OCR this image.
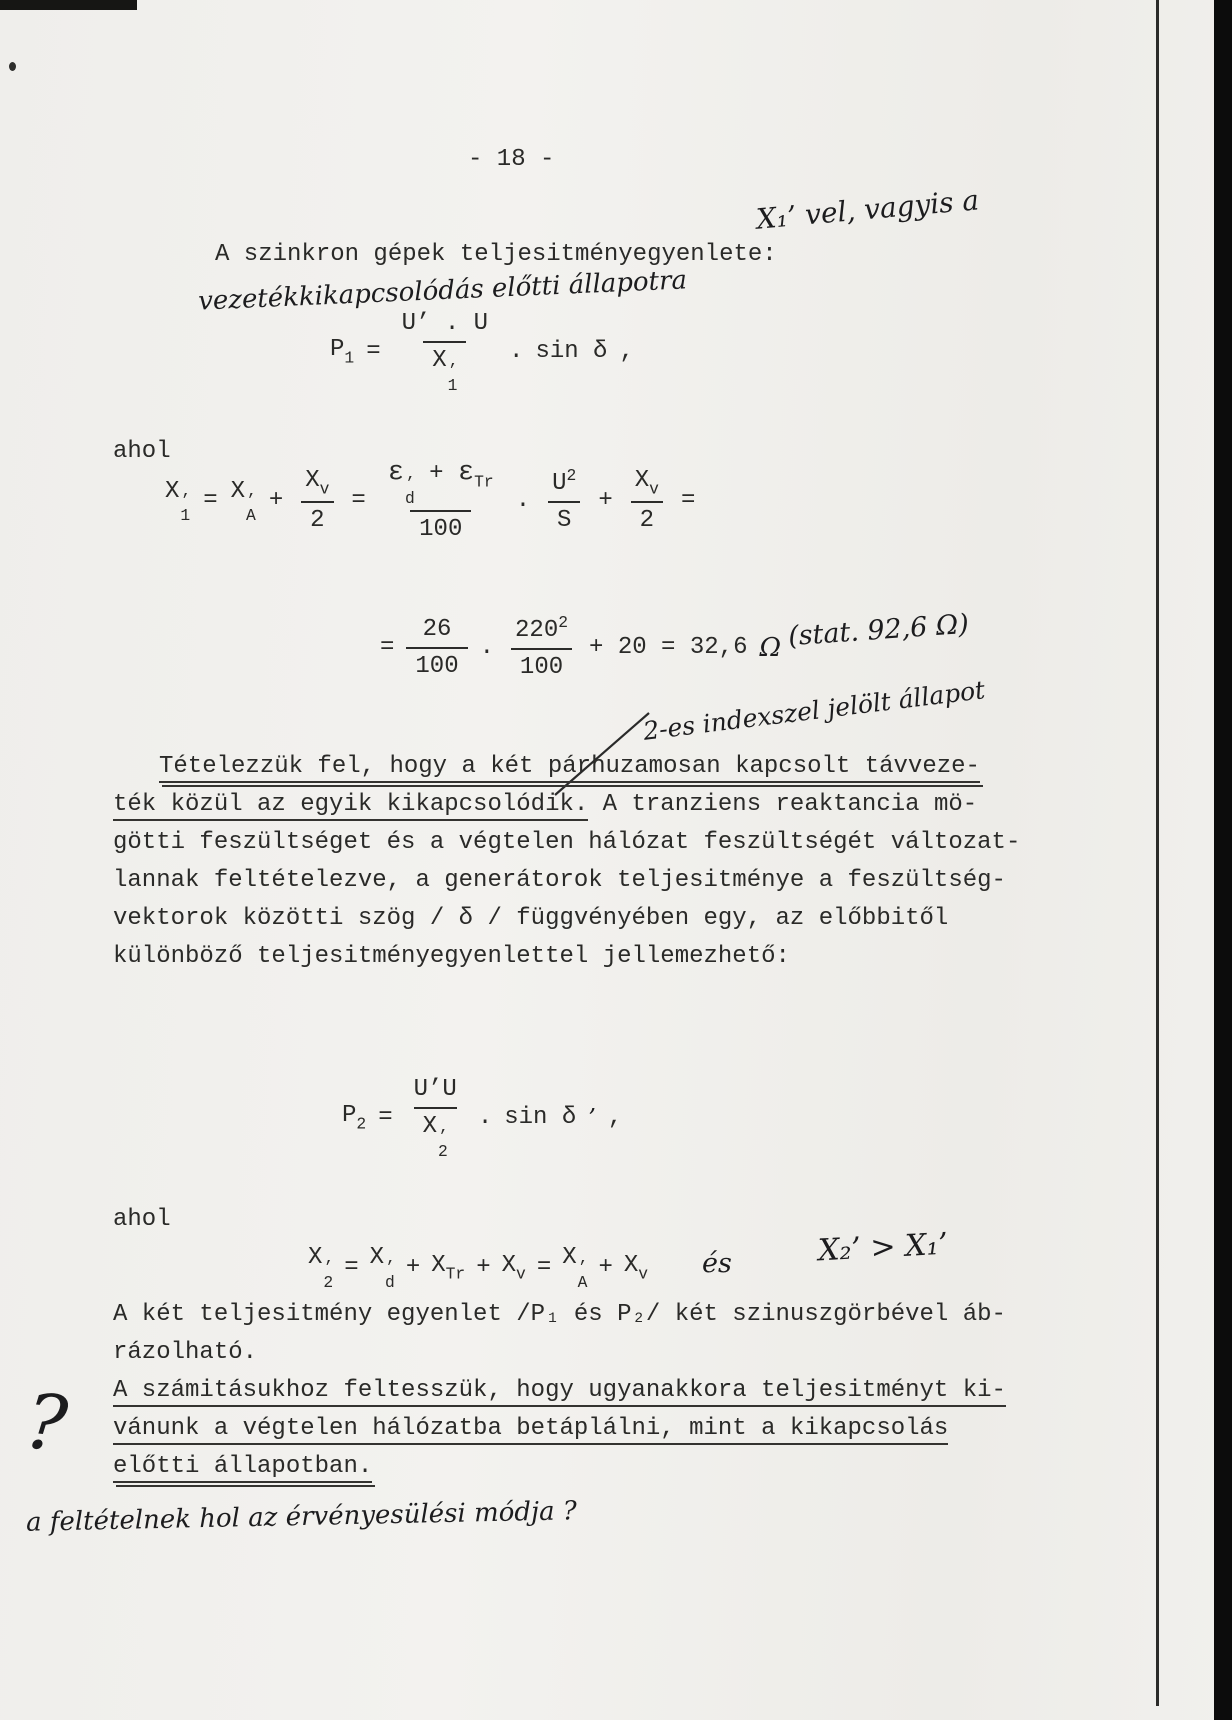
- 18 -
A szinkron gépek teljesitményegyenlete:
X₁’ vel, vagyis a
vezetékkikapcsolódás előtti állapotra
$P_1 = U$’ . U
X ’
1 . sin δ ,
ahol
X ’
1
= X ’
A
+ $\frac{X_v}{2} = \varepsilon$ ’
d
+ $\varepsilon_{Tr}$
100 . $\frac{U^2}{S} + \frac{X_v}{2}$ =
= $\frac{26}{100}$ . $\frac{220^2}{100} + 20 = 32,6$ Ω (stat. 92,6 Ω)
2-es indexszel jelölt állapot
Tételezzük fel, hogy a két párhuzamosan kapcsolt távveze-
ték közül az egyik kikapcsolódik. A tranziens reaktancia mö-
götti feszültséget és a végtelen hálózat feszültségét változat-
lannak feltételezve, a generátorok teljesitménye a feszültség-
vektorok közötti szög / δ / függvényében egy, az előbbitől
különböző teljesitményegyenlettel jellemezhető:
$P_2$ = U’U
X ’
2 . sin δ ’ ,
ahol
X ’
2
= X ’
d
+ $X_{Tr} + X_v = X$ ’
A
+ $X_v$ és	X₂’ > X₁’
A két teljesitmény egyenlet /P₁ és P₂/ két szinuszgörbével áb-
rázolható.
A számitásukhoz feltesszük, hogy ugyanakkora teljesitményt ki-
vánunk a végtelen hálózatba betáplálni, mint a kikapcsolás
előtti állapotban.
?
a feltételnek hol az érvényesülési módja ?
